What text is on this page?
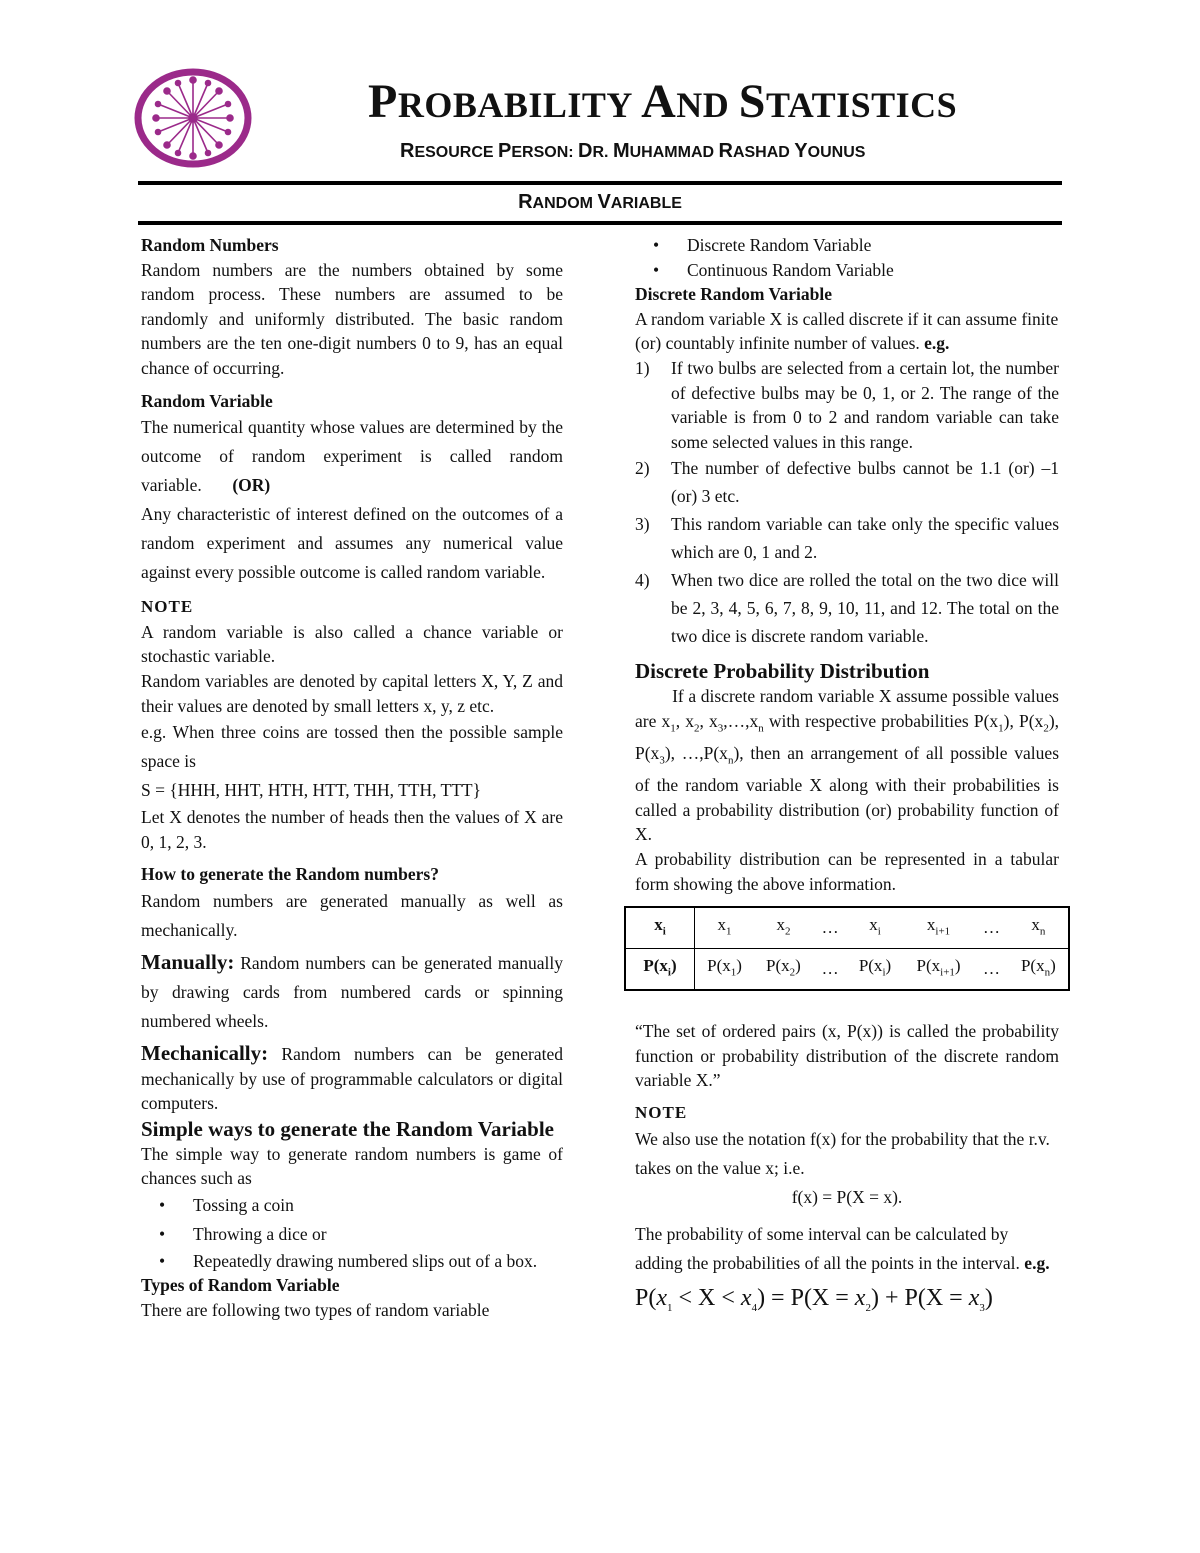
PROBABILITY AND STATISTICS
RESOURCE PERSON: DR. MUHAMMAD RASHAD YOUNUS
RANDOM VARIABLE
Random Numbers
Random numbers are the numbers obtained by some random process. These numbers are assumed to be randomly and uniformly distributed. The basic random numbers are the ten one-digit numbers 0 to 9, has an equal chance of occurring.
Random Variable
The numerical quantity whose values are determined by the outcome of random experiment is called random variable. (OR)
Any characteristic of interest defined on the outcomes of a random experiment and assumes any numerical value against every possible outcome is called random variable.
NOTE
A random variable is also called a chance variable or stochastic variable.
Random variables are denoted by capital letters X, Y, Z and their values are denoted by small letters x, y, z etc.
e.g. When three coins are tossed then the possible sample space is
S = {HHH, HHT, HTH, HTT, THH, TTH, TTT}
Let X denotes the number of heads then the values of X are 0, 1, 2, 3.
How to generate the Random numbers?
Random numbers are generated manually as well as mechanically.
Manually: Random numbers can be generated manually by drawing cards from numbered cards or spinning numbered wheels.
Mechanically: Random numbers can be generated mechanically by use of programmable calculators or digital computers.
Simple ways to generate the Random Variable
The simple way to generate random numbers is game of chances such as
• Tossing a coin
• Throwing a dice or
• Repeatedly drawing numbered slips out of a box.
Types of Random Variable
There are following two types of random variable
• Discrete Random Variable
• Continuous Random Variable
Discrete Random Variable
A random variable X is called discrete if it can assume finite (or) countably infinite number of values. e.g.
1) If two bulbs are selected from a certain lot, the number of defective bulbs may be 0, 1, or 2. The range of the variable is from 0 to 2 and random variable can take some selected values in this range.
2) The number of defective bulbs cannot be 1.1 (or) –1 (or) 3 etc.
3) This random variable can take only the specific values which are 0, 1 and 2.
4) When two dice are rolled the total on the two dice will be 2, 3, 4, 5, 6, 7, 8, 9, 10, 11, and 12. The total on the two dice is discrete random variable.
Discrete Probability Distribution
If a discrete random variable X assume possible values are $x_1$, $x_2$, $x_3,\dots,x_n$ with respective probabilities $P(x_1)$, $P(x_2)$, $P(x_3)$, $\dots,P(x_n)$, then an arrangement of all possible values of the random variable X along with their probabilities is called a probability distribution (or) probability function of X.
A probability distribution can be represented in a tabular form showing the above information.
$x_i$	$x_1$	$x_2$	…	$x_i$	$x_{i+1}$	…	$x_n$
$P(x_i)$	$P(x_1)$	$P(x_2)$	…	$P(x_i)$	$P(x_{i+1})$	…	$P(x_n)$
“The set of ordered pairs (x, P(x)) is called the probability function or probability distribution of the discrete random variable X.”
NOTE
We also use the notation f(x) for the probability that the r.v. takes on the value x; i.e.
f(x) = P(X = x).
The probability of some interval can be calculated by adding the probabilities of all the points in the interval. e.g.
$P(x_1 < X < x_4) = P(X = x_2) + P(X = x_3)$
